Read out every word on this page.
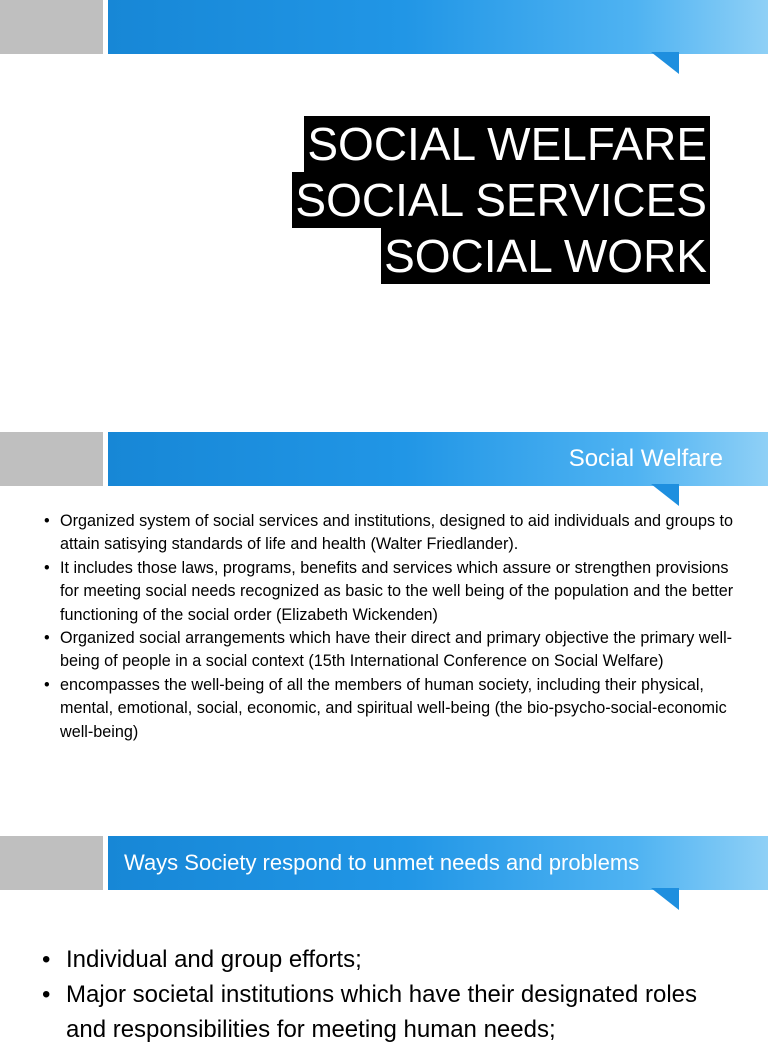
SOCIAL WELFARE
SOCIAL SERVICES
SOCIAL WORK
Social Welfare
• Organized system of social services and institutions, designed to aid individuals and groups to attain satisying standards of life and health (Walter Friedlander).
• It includes those laws, programs, benefits and services which assure or strengthen provisions for meeting social needs recognized as basic to the well being of the population and the better functioning of the social order (Elizabeth Wickenden)
• Organized social arrangements which have their direct and primary objective the primary well-being of people in a social context (15th International Conference on Social Welfare)
• encompasses the well-being of all the members of human society, including their physical, mental, emotional, social, economic, and spiritual well-being (the bio-psycho-social-economic well-being)
Ways Society respond to unmet needs and problems
• Individual and group efforts;
• Major societal institutions which have their designated roles and responsibilities for meeting human needs;
